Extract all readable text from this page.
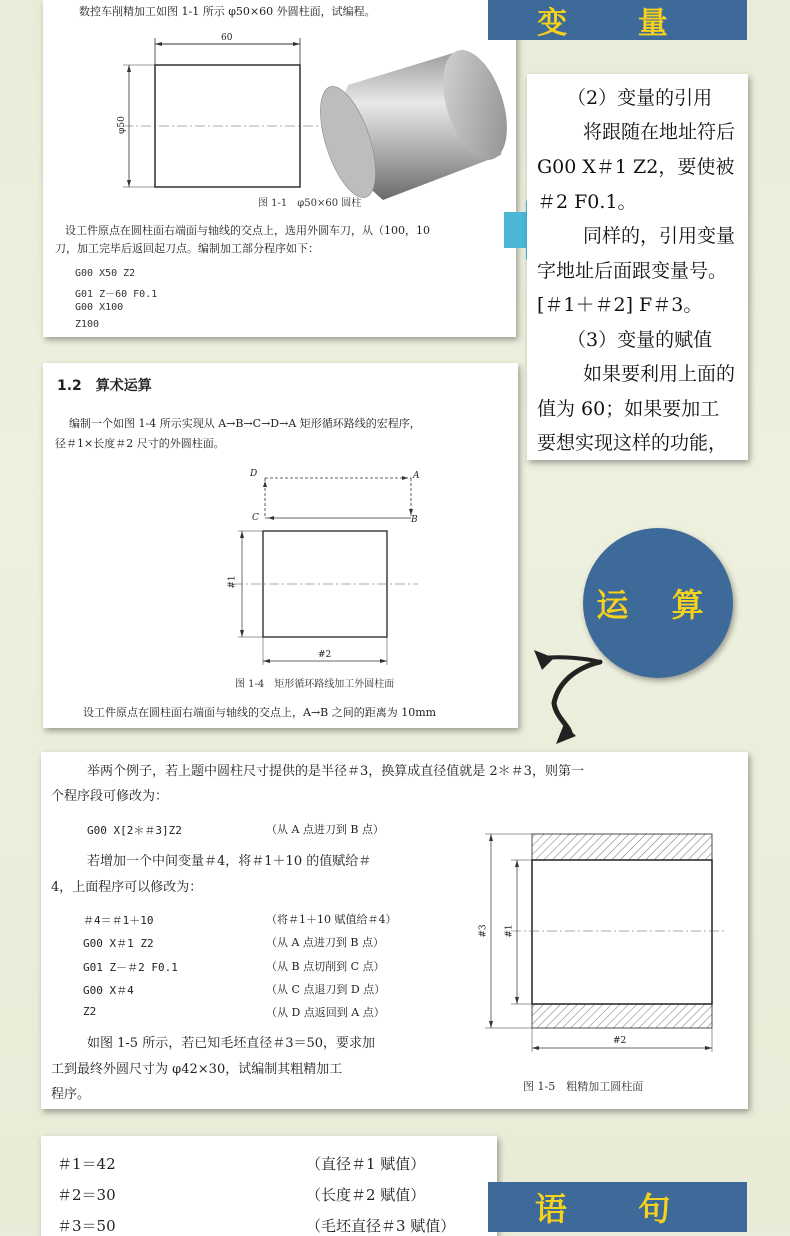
数控车削精加工如图 1-1 所示 φ50×60 外圆柱面，试编程。
60
φ50
图 1-1　φ50×60 圆柱
设工件原点在圆柱面右端面与轴线的交点上，选用外圆车刀，从（100，10
刀，加工完毕后返回起刀点。编制加工部分程序如下：
G00 X50 Z2
G01 Z－60 F0.1
G00 X100
Z100
变 量
（2）变量的引用
将跟随在地址符后
G00 X＃1 Z2，要使被
＃2 F0.1。
同样的，引用变量
字地址后面跟变量号。
[＃1＋＃2] F＃3。
（3）变量的赋值
如果要利用上面的
值为 60；如果要加工
要想实现这样的功能，
1.2　算术运算
编制一个如图 1-4 所示实现从 A→B→C→D→A 矩形循环路线的宏程序，
径＃1×长度＃2 尺寸的外圆柱面。
D	A
C	B
#1
#2
图 1-4　矩形循环路线加工外圆柱面
设工件原点在圆柱面右端面与轴线的交点上，A→B 之间的距离为 10mm
运 算
举两个例子，若上题中圆柱尺寸提供的是半径＃3，换算成直径值就是 2＊＃3，则第一
个程序段可修改为：
G00 X[2＊＃3]Z2	（从 A 点进刀到 B 点）
若增加一个中间变量＃4，将＃1＋10 的值赋给＃
4，上面程序可以修改为：
＃4＝＃1＋10	（将＃1＋10 赋值给＃4）
G00 X＃1 Z2	（从 A 点进刀到 B 点）
G01 Z－＃2 F0.1	（从 B 点切削到 C 点）
G00 X＃4	（从 C 点退刀到 D 点）
Z2	（从 D 点返回到 A 点）
如图 1-5 所示，若已知毛坯直径＃3＝50，要求加
工到最终外圆尺寸为 φ42×30，试编制其粗精加工
程序。
#3 #1
#2
图 1-5　粗精加工圆柱面
＃1＝42	（直径＃1 赋值）
＃2＝30	（长度＃2 赋值）
＃3＝50	（毛坯直径＃3 赋值）	语 句
